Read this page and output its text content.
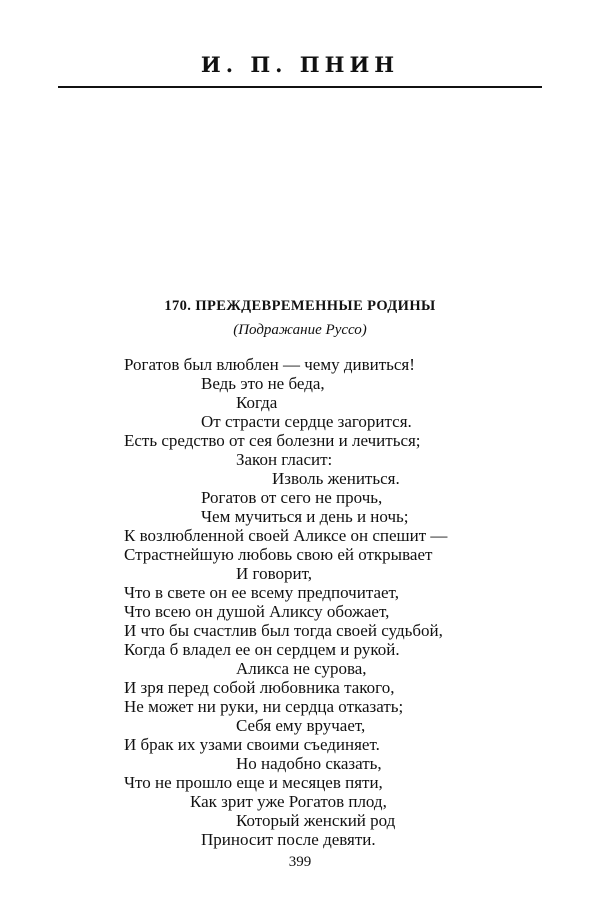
И. П. ПНИН
170. ПРЕЖДЕВРЕМЕННЫЕ РОДИНЫ

(Подражание Руссо)

Рогатов был влюблен — чему дивиться!
Ведь это не беда,
Когда
От страсти сердце загорится.
Есть средство от сея болезни и лечиться;
Закон гласит:
Изволь жениться.
Рогатов от сего не прочь,
Чем мучиться и день и ночь;
К возлюбленной своей Аликсе он спешит —
Страстнейшую любовь свою ей открывает
И говорит,
Что в свете он ее всему предпочитает,
Что всею он душой Аликсу обожает,
И что бы счастлив был тогда своей судьбой,
Когда б владел ее он сердцем и рукой.
Аликса не сурова,
И зря перед собой любовника такого,
Не может ни руки, ни сердца отказать;
Себя ему вручает,
И брак их узами своими съединяет.
Но надобно сказать,
Что не прошло еще и месяцев пяти,
Как зрит уже Рогатов плод,
Который женский род
Приносит после девяти.

399
